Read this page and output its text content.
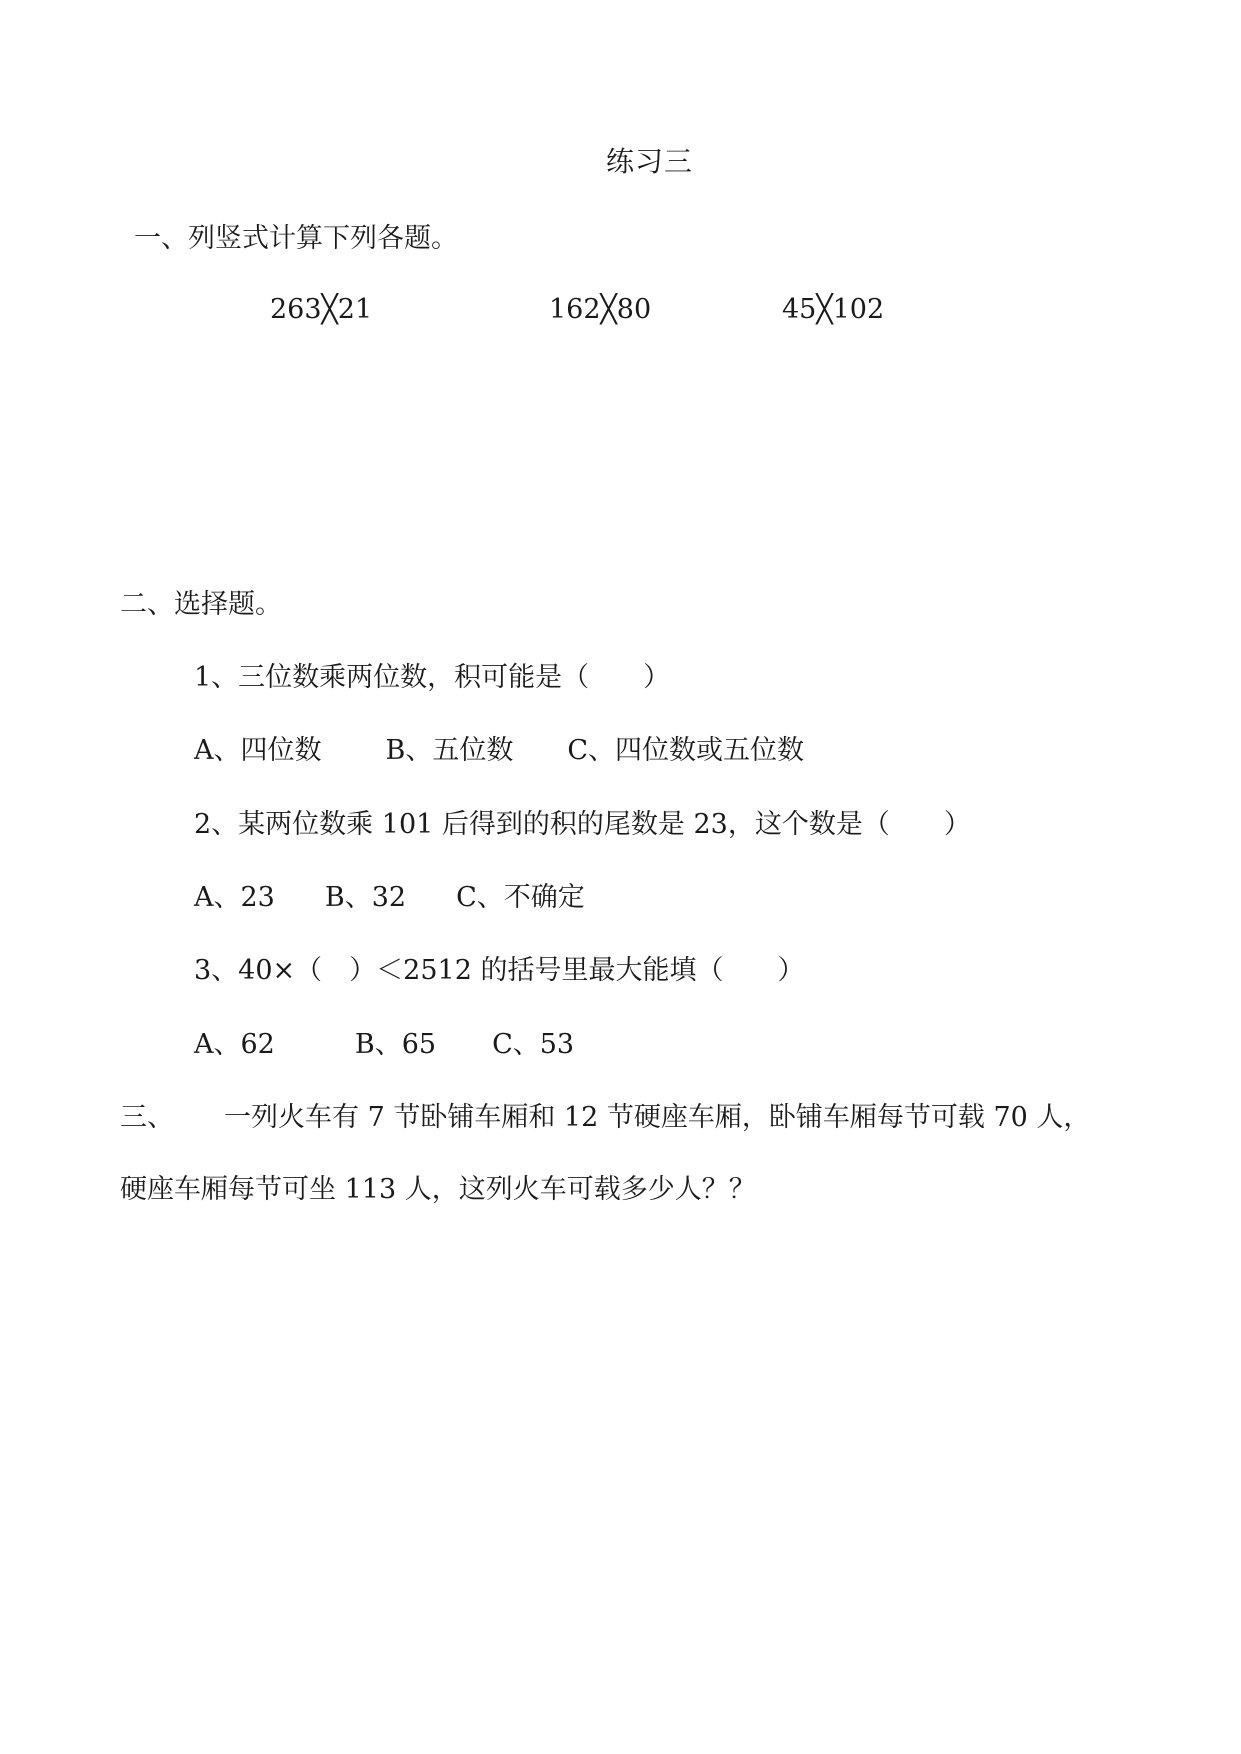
练习三
一、列竖式计算下列各题。
263╳21	162╳80	45╳102
二、选择题。
1、三位数乘两位数，积可能是（　　）
A、四位数 B、五位数 C、四位数或五位数
2、某两位数乘 101 后得到的积的尾数是 23，这个数是（　　）
A、23 B、32 C、不确定
3、40×（　）＜2512 的括号里最大能填（　　）
A、62	B、65 C、53
三、 一列火车有 7 节卧铺车厢和 12 节硬座车厢，卧铺车厢每节可载 70 人，
硬座车厢每节可坐 113 人，这列火车可载多少人？？
